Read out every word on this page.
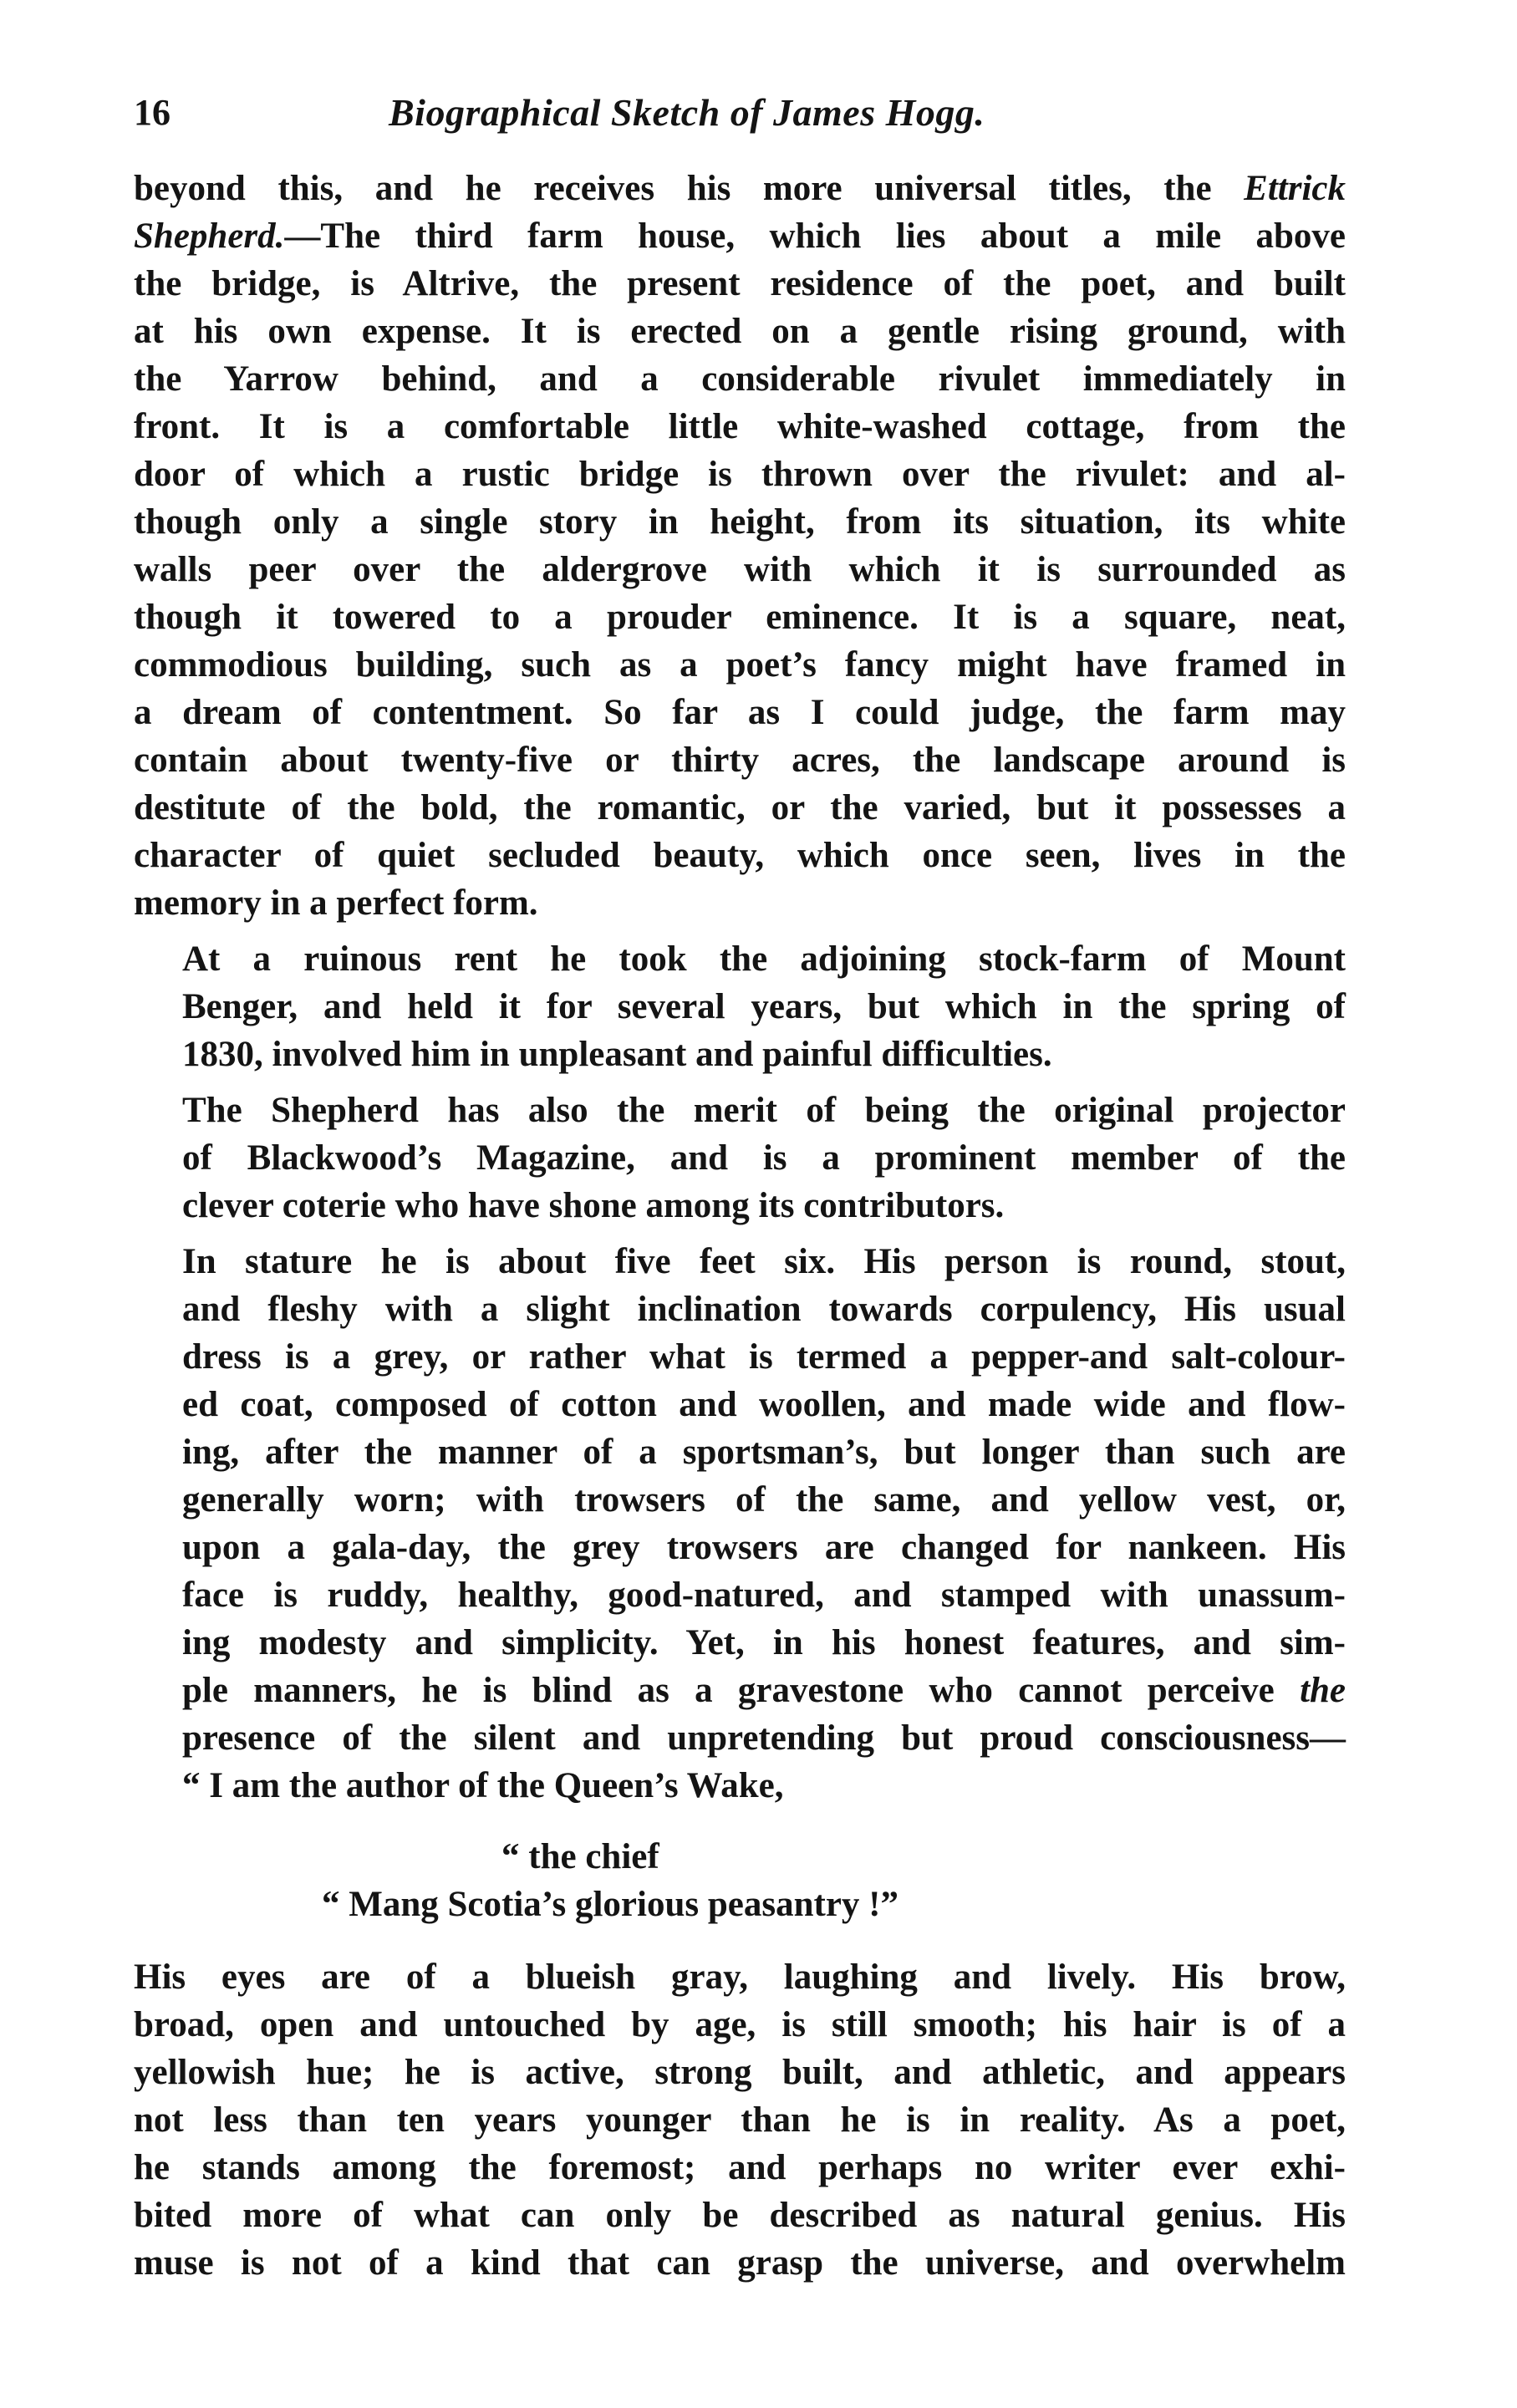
16	Biographical Sketch of James Hogg.

beyond this, and he receives his more universal titles, the Ettrick
Shepherd.—The third farm house, which lies about a mile above
the bridge, is Altrive, the present residence of the poet, and built
at his own expense. It is erected on a gentle rising ground, with
the Yarrow behind, and a considerable rivulet immediately in
front. It is a comfortable little white-washed cottage, from the
door of which a rustic bridge is thrown over the rivulet: and al-
though only a single story in height, from its situation, its white
walls peer over the aldergrove with which it is surrounded as
though it towered to a prouder eminence. It is a square, neat,
commodious building, such as a poet’s fancy might have framed in
a dream of contentment. So far as I could judge, the farm may
contain about twenty-five or thirty acres, the landscape around is
destitute of the bold, the romantic, or the varied, but it possesses a
character of quiet secluded beauty, which once seen, lives in the
memory in a perfect form.

At a ruinous rent he took the adjoining stock-farm of Mount
Benger, and held it for several years, but which in the spring of
1830, involved him in unpleasant and painful difficulties.

The Shepherd has also the merit of being the original projector
of Blackwood’s Magazine, and is a prominent member of the
clever coterie who have shone among its contributors.

In stature he is about five feet six. His person is round, stout,
and fleshy with a slight inclination towards corpulency, His usual
dress is a grey, or rather what is termed a pepper-and salt-colour-
ed coat, composed of cotton and woollen, and made wide and flow-
ing, after the manner of a sportsman’s, but longer than such are
generally worn; with trowsers of the same, and yellow vest, or,
upon a gala-day, the grey trowsers are changed for nankeen. His
face is ruddy, healthy, good-natured, and stamped with unassum-
ing modesty and simplicity. Yet, in his honest features, and sim-
ple manners, he is blind as a gravestone who cannot perceive the
presence of the silent and unpretending but proud consciousness—
“ I am the author of the Queen’s Wake,

“ the chief
“ Mang Scotia’s glorious peasantry !”

His eyes are of a blueish gray, laughing and lively. His brow,
broad, open and untouched by age, is still smooth; his hair is of a
yellowish hue; he is active, strong built, and athletic, and appears
not less than ten years younger than he is in reality. As a poet,
he stands among the foremost; and perhaps no writer ever exhi-
bited more of what can only be described as natural genius. His
muse is not of a kind that can grasp the universe, and overwhelm
